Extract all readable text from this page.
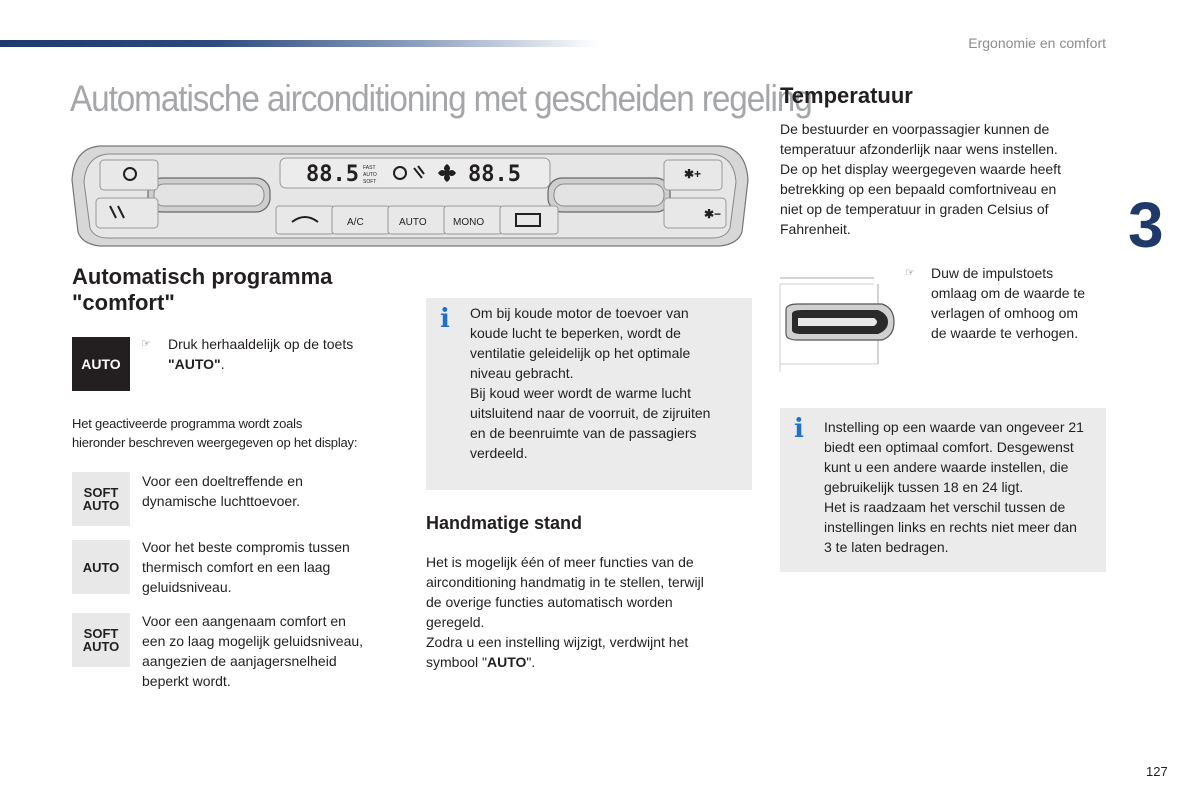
Ergonomie en comfort
Automatische airconditioning met gescheiden regeling
88.5	88.5
FAST
AUTO
SOFT
✱+
✱−
A/C	AUTO	MONO
Automatisch programma
"comfort"
AUTO
☞ Druk herhaaldelijk op de toets
"AUTO".
Het geactiveerde programma wordt zoals
hieronder beschreven weergegeven op het display:
SOFT
AUTO
Voor een doeltreffende en
dynamische luchttoevoer.
AUTO
Voor het beste compromis tussen
thermisch comfort en een laag
geluidsniveau.
SOFT
AUTO
Voor een aangenaam comfort en
een zo laag mogelijk geluidsniveau,
aangezien de aanjagersnelheid
beperkt wordt.
i Om bij koude motor de toevoer van
koude lucht te beperken, wordt de
ventilatie geleidelijk op het optimale
niveau gebracht.
Bij koud weer wordt de warme lucht
uitsluitend naar de voorruit, de zijruiten
en de beenruimte van de passagiers
verdeeld.
Handmatige stand
Het is mogelijk één of meer functies van de
airconditioning handmatig in te stellen, terwijl
de overige functies automatisch worden
geregeld.
Zodra u een instelling wijzigt, verdwijnt het
symbool "AUTO".
Temperatuur
De bestuurder en voorpassagier kunnen de
temperatuur afzonderlijk naar wens instellen.
De op het display weergegeven waarde heeft
betrekking op een bepaald comfortniveau en
niet op de temperatuur in graden Celsius of
Fahrenheit.
☞ Duw de impulstoets
omlaag om de waarde te
verlagen of omhoog om
de waarde te verhogen.
i Instelling op een waarde van ongeveer 21
biedt een optimaal comfort. Desgewenst
kunt u een andere waarde instellen, die
gebruikelijk tussen 18 en 24 ligt.
Het is raadzaam het verschil tussen de
instellingen links en rechts niet meer dan
3 te laten bedragen.
3
127
